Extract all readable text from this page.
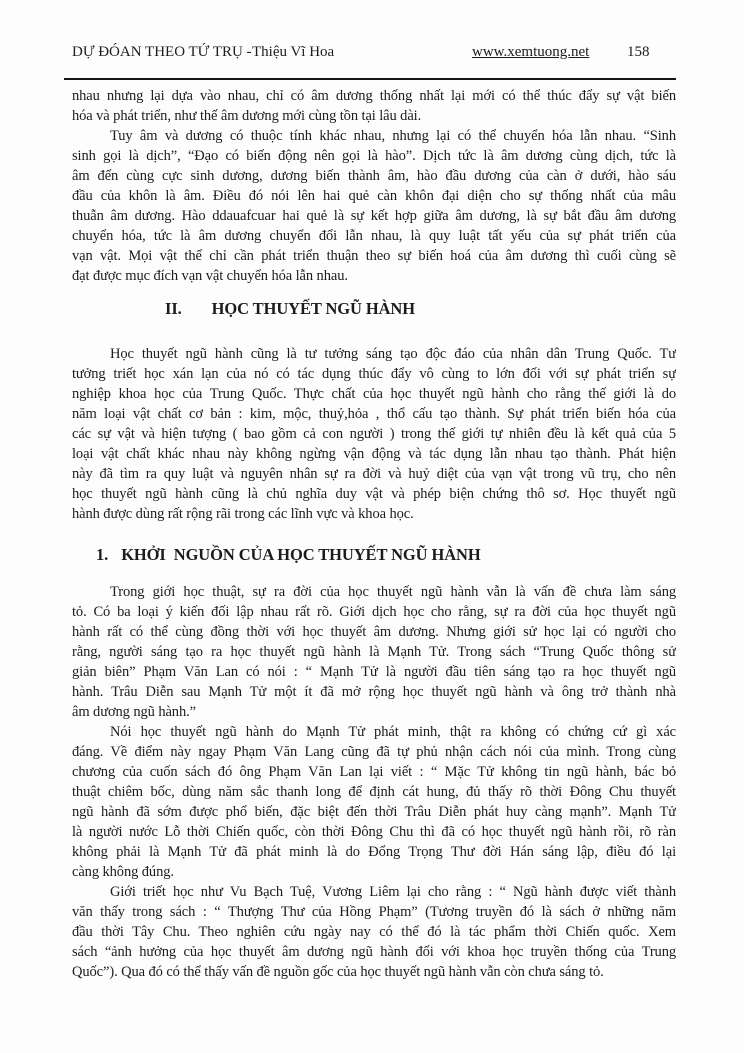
DỰ ĐÓAN THEO TỨ TRỤ - Thiệu Vĩ Hoa	www.xemtuong.net	158
nhau nhưng lại dựa vào nhau, chỉ có âm dương thống nhất lại mới có thể thúc đẩy sự vật biến
hóa và phát triển, như thế âm dương mới cùng tồn tại lâu dài.
Tuy âm và dương có thuộc tính khác nhau, nhưng lại có thể chuyển hóa lẫn nhau. “Sinh
sinh gọi là dịch”, “Đạo có biến động nên gọi là hào”. Dịch tức là âm dương cùng dịch, tức là
âm đến cùng cực sinh dương, dương biến thành âm, hào đầu dương của càn ở dưới, hào sáu
đầu của khôn là âm. Điều đó nói lên hai quẻ càn khôn đại diện cho sự thống nhất của mâu
thuẫn âm dương. Hào ddauafcuar hai quẻ là sự kết hợp giữa âm dương, là sự bắt đầu âm dương
chuyển hóa, tức là âm dương chuyển đổi lẫn nhau, là quy luật tất yếu của sự phát triển của
vạn vật. Mọi vật thể chỉ cần phát triển thuận theo sự biến hoá của âm dương thì cuối cùng sẽ
đạt được mục đích vạn vật chuyển hóa lẫn nhau.
II. HỌC THUYẾT NGŨ HÀNH
Học thuyết ngũ hành cũng là tư tưởng sáng tạo độc đáo của nhân dân Trung Quốc. Tư
tưởng triết học xán lạn của nó có tác dụng thúc đẩy vô cùng to lớn đối với sự phát triển sự
nghiệp khoa học của Trung Quốc. Thực chất của học thuyết ngũ hành cho rằng thế giới là do
năm loại vật chất cơ bản : kim, mộc, thuỷ,hỏa , thổ cấu tạo thành. Sự phát triển biến hóa của
các sự vật và hiện tượng ( bao gồm cả con người ) trong thế giới tự nhiên đều là kết quả của 5
loại vật chất khác nhau này không ngừng vận động và tác dụng lẫn nhau tạo thành. Phát hiện
này đã tìm ra quy luật và nguyên nhân sự ra đời và huỷ diệt của vạn vật trong vũ trụ, cho nên
học thuyết ngũ hành cũng là chủ nghĩa duy vật và phép biện chứng thô sơ. Học thuyết ngũ
hành được dùng rất rộng rãi trong các lĩnh vực và khoa học.
1. KHỞI  NGUỒN CỦA HỌC THUYẾT NGŨ HÀNH
Trong giới học thuật, sự ra đời của học thuyết ngũ hành vẫn là vấn đề chưa làm sáng
tỏ. Có ba loại ý kiến đối lập nhau rất rõ. Giới dịch học cho rằng, sự ra đời của học thuyết ngũ
hành rất có thể cùng đồng thời với học thuyết âm dương. Nhưng giới sử học lại có người cho
rằng, người sáng tạo ra học thuyết ngũ hành là Mạnh Tử. Trong sách “Trung Quốc thông sử
giản biên” Phạm Văn Lan có nói : “ Mạnh Tử là người đầu tiên sáng tạo ra học thuyết ngũ
hành. Trâu Diễn sau Mạnh Tử một ít đã mở rộng học thuyết ngũ hành và ông trở thành nhà
âm dương ngũ hành.”
Nói học thuyết ngũ hành do Mạnh Tử phát minh, thật ra không có chứng cứ gì xác
đáng. Về điểm này ngay Phạm Văn Lang cũng đã tự phủ nhận cách nói của mình. Trong cùng
chương của cuốn sách đó ông Phạm Văn Lan lại viết : “ Mặc Tử không tin ngũ hành, bác bỏ
thuật chiêm bốc, dùng năm sắc thanh long để định cát hung, đủ thấy rõ thời Đông Chu thuyết
ngũ hành đã sớm được phổ biến, đặc biệt đến thời Trâu Diễn phát huy càng mạnh”. Mạnh Tử
là người nước Lỗ thời Chiến quốc, còn thời Đông Chu thì đã có học thuyết ngũ hành rồi, rõ ràn
không phải là Mạnh Tử đã phát minh là do Đổng Trọng Thư đời Hán sáng lập, điều đó lại
càng không đúng.
Giới triết học như Vu Bạch Tuệ, Vương Liêm lại cho rằng : “ Ngũ hành được viết thành
văn thấy trong sách : “ Thượng Thư của Hồng Phạm” (Tương truyền đó là sách ở những năm
đầu thời Tây Chu. Theo nghiên cứu ngày nay có thể đó là tác phẩm thời Chiến quốc. Xem
sách “ảnh hưởng của học thuyết âm dương ngũ hành đối với khoa học truyền thống của Trung
Quốc”). Qua đó có thể thấy vấn đề nguồn gốc của học thuyết ngũ hành vẫn còn chưa sáng tỏ.
